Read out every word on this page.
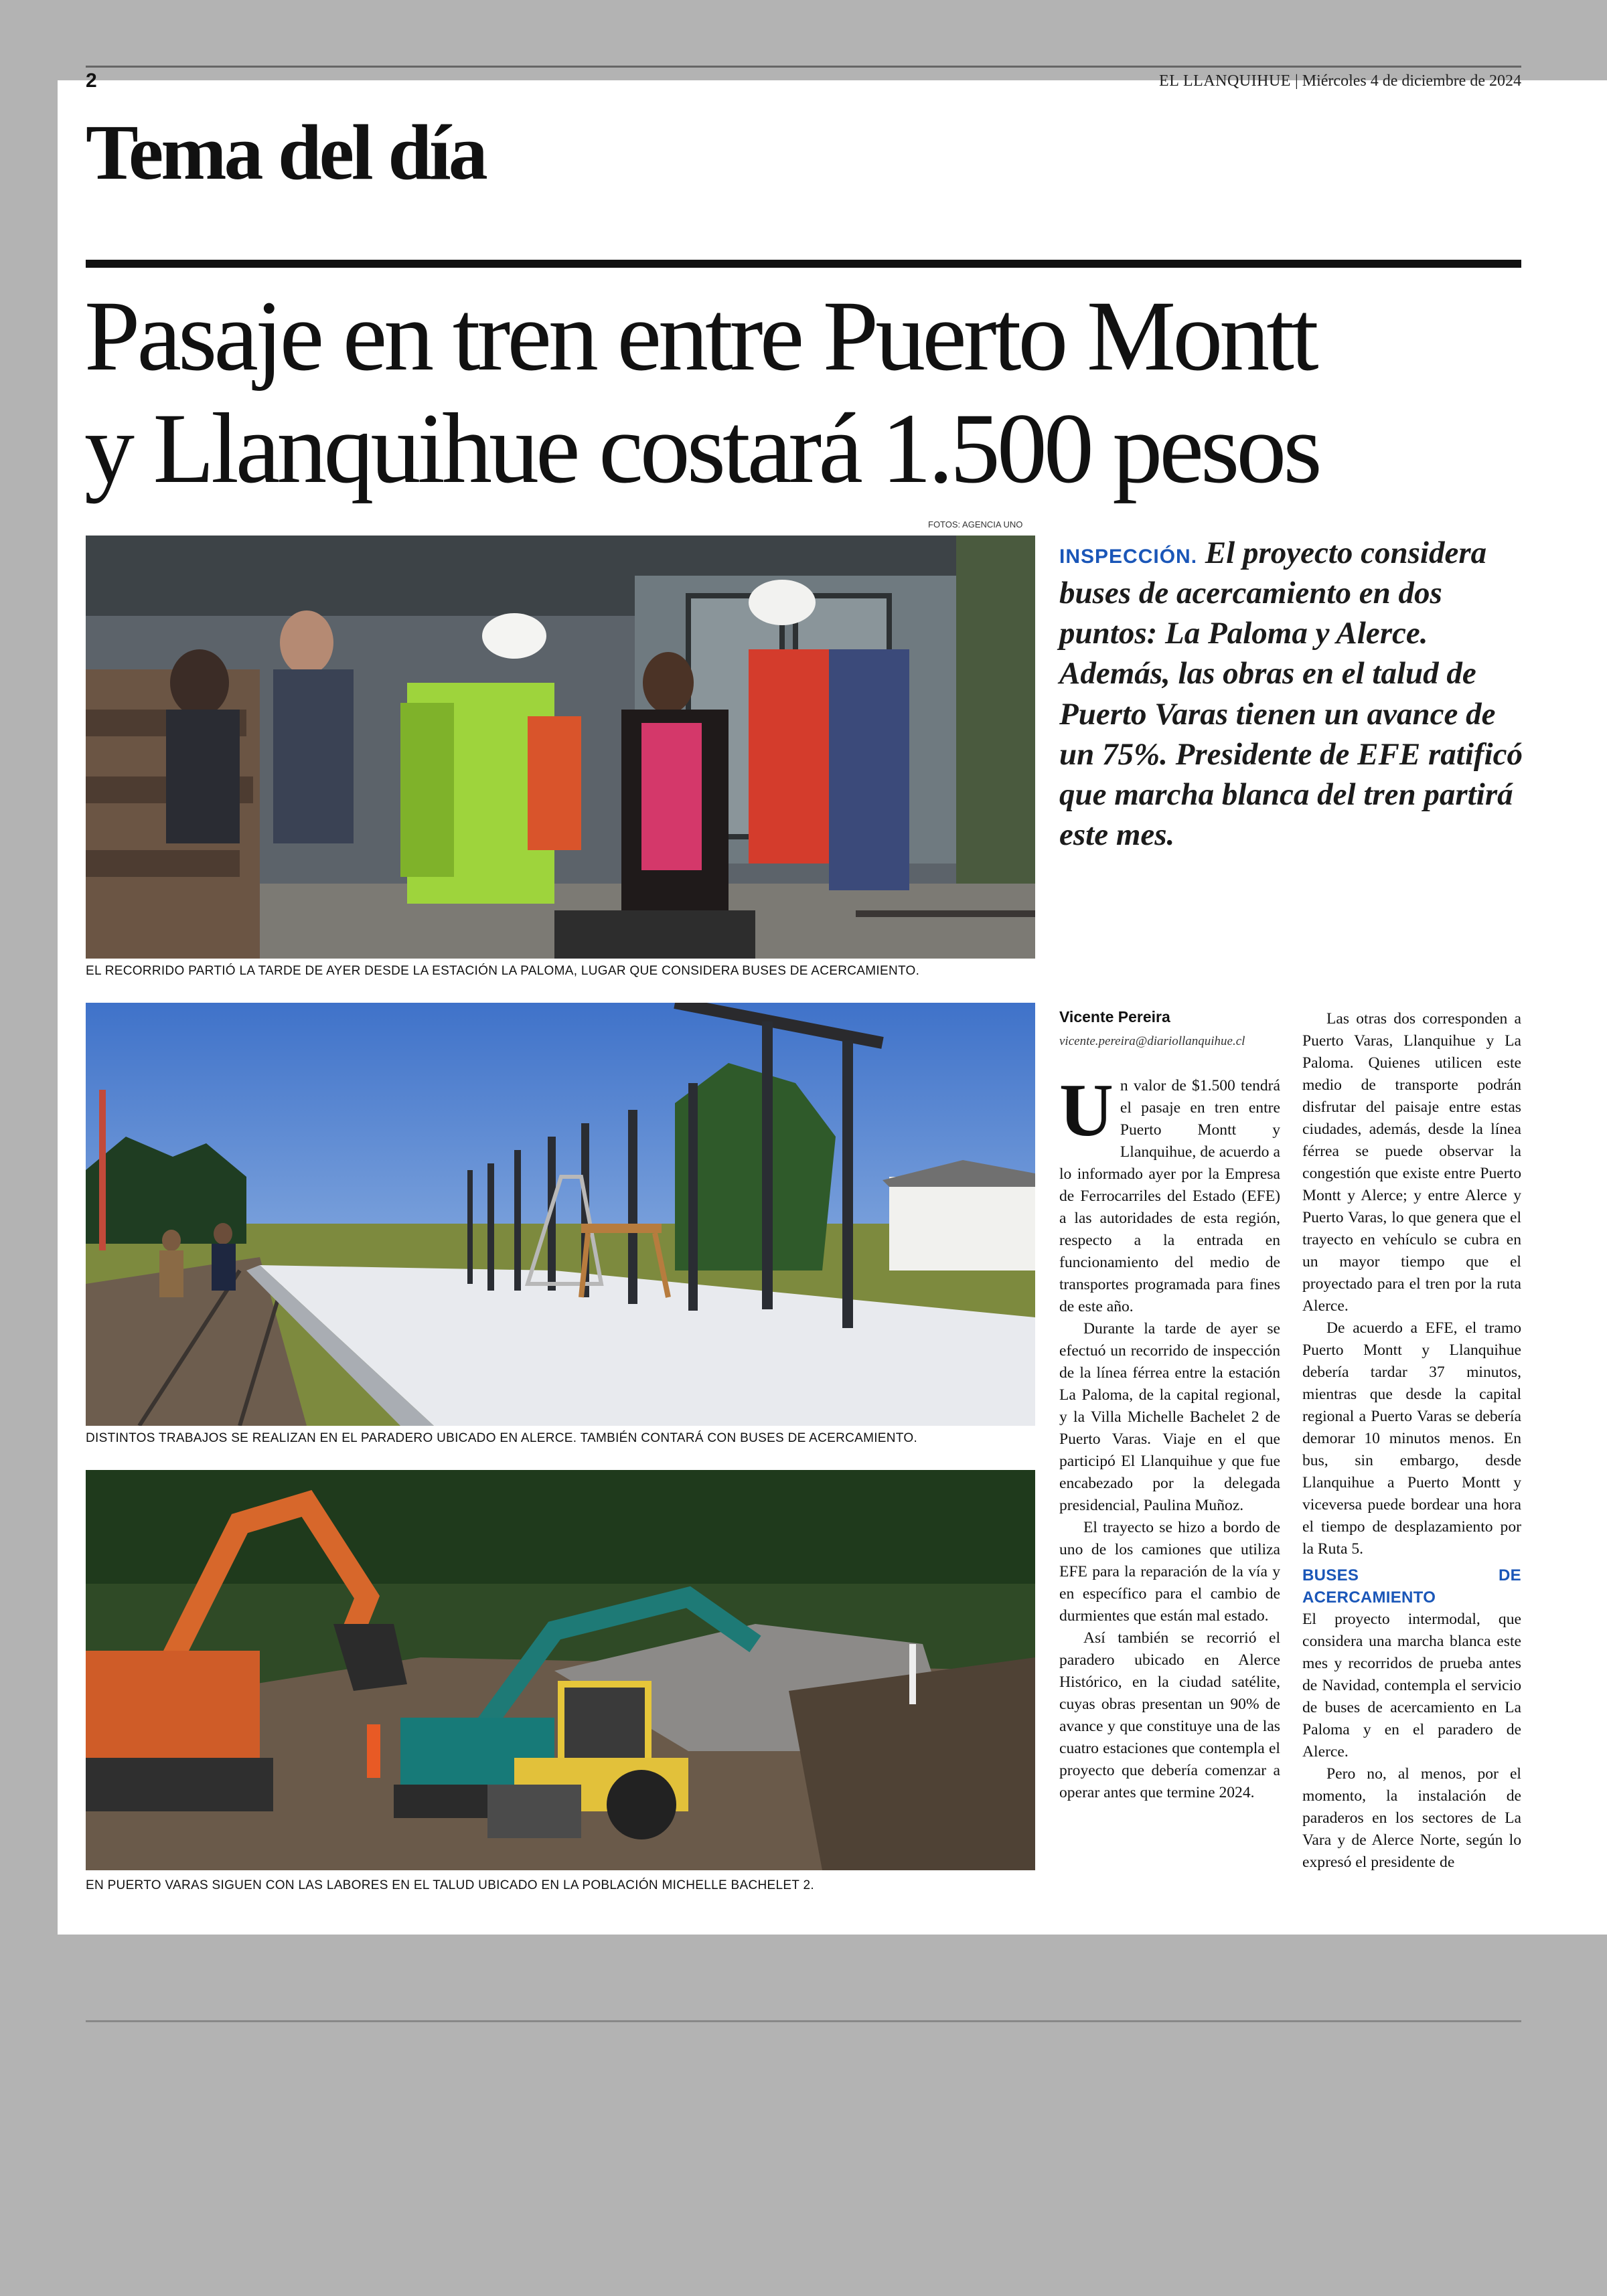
2	EL LLANQUIHUE | Miércoles 4 de diciembre de 2024
Tema del día
Pasaje en tren entre Puerto Montt
y Llanquihue costará 1.500 pesos
FOTOS: AGENCIA UNO
EL RECORRIDO PARTIÓ LA TARDE DE AYER DESDE LA ESTACIÓN LA PALOMA, LUGAR QUE CONSIDERA BUSES DE ACERCAMIENTO.
DISTINTOS TRABAJOS SE REALIZAN EN EL PARADERO UBICADO EN ALERCE. TAMBIÉN CONTARÁ CON BUSES DE ACERCAMIENTO.
EN PUERTO VARAS SIGUEN CON LAS LABORES EN EL TALUD UBICADO EN LA POBLACIÓN MICHELLE BACHELET 2.
INSPECCIÓN. El proyecto considera buses de acercamiento en dos puntos: La Paloma y Alerce. Además, las obras en el talud de Puerto Varas tienen un avance de un 75%. Presidente de EFE ratificó que marcha blanca del tren partirá este mes.
Vicente Pereira
vicente.pereira@diariollanquihue.cl

Un valor de $1.500 tendrá el pasaje en tren entre Puerto Montt y Llanquihue, de acuerdo a lo informado ayer por la Empresa de Ferrocarriles del Estado (EFE) a las autoridades de esta región, respecto a la entrada en funcionamiento del medio de transportes programada para fines de este año.

Durante la tarde de ayer se efectuó un recorrido de inspección de la línea férrea entre la estación La Paloma, de la capital regional, y la Villa Michelle Bachelet 2 de Puerto Varas. Viaje en el que participó El Llanquihue y que fue encabezado por la delegada presidencial, Paulina Muñoz.

El trayecto se hizo a bordo de uno de los camiones que utiliza EFE para la reparación de la vía y en específico para el cambio de durmientes que están mal estado.

Así también se recorrió el paradero ubicado en Alerce Histórico, en la ciudad satélite, cuyas obras presentan un 90% de avance y que constituye una de las cuatro estaciones que contempla el proyecto que debería comenzar a operar antes que termine 2024.

Las otras dos corresponden a Puerto Varas, Llanquihue y La Paloma. Quienes utilicen este medio de transporte podrán disfrutar del paisaje entre estas ciudades, además, desde la línea férrea se puede observar la congestión que existe entre Puerto Montt y Alerce; y entre Alerce y Puerto Varas, lo que genera que el trayecto en vehículo se cubra en un mayor tiempo que el proyectado para el tren por la ruta Alerce.

De acuerdo a EFE, el tramo Puerto Montt y Llanquihue debería tardar 37 minutos, mientras que desde la capital regional a Puerto Varas se debería demorar 10 minutos menos. En bus, sin embargo, desde Llanquihue a Puerto Montt y viceversa puede bordear una hora el tiempo de desplazamiento por la Ruta 5.

BUSES DE ACERCAMIENTO

El proyecto intermodal, que considera una marcha blanca este mes y recorridos de prueba antes de Navidad, contempla el servicio de buses de acercamiento en La Paloma y en el paradero de Alerce.

Pero no, al menos, por el momento, la instalación de paraderos en los sectores de La Vara y de Alerce Norte, según lo expresó el presidente de
